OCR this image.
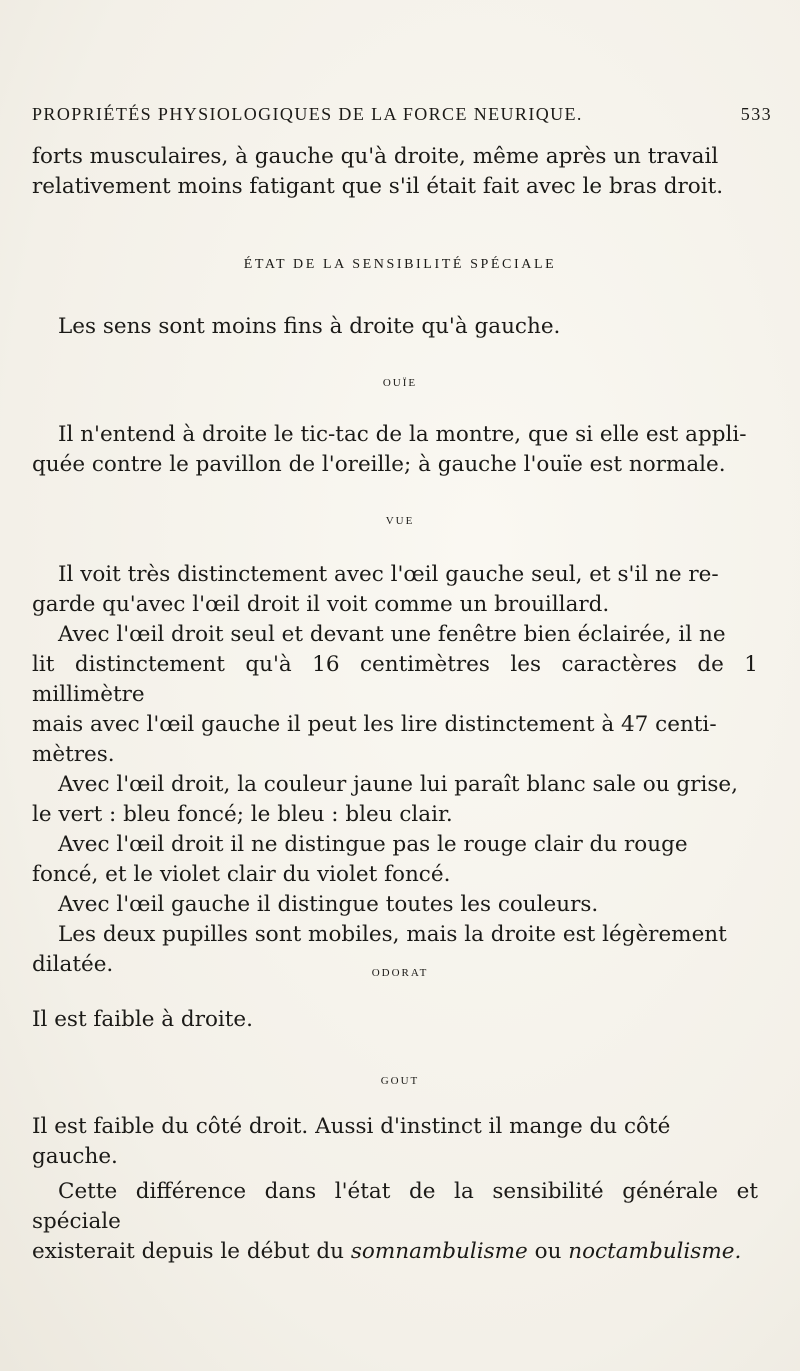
PROPRIÉTÉS PHYSIOLOGIQUES DE LA FORCE NEURIQUE.	533

forts musculaires, à gauche qu'à droite, même après un travail

relativement moins fatigant que s'il était fait avec le bras droit.

ÉTAT DE LA SENSIBILITÉ SPÉCIALE

Les sens sont moins fins à droite qu'à gauche.

OUÏE

Il n'entend à droite le tic-tac de la montre, que si elle est appli-

quée contre le pavillon de l'oreille; à gauche l'ouïe est normale.

VUE

Il voit très distinctement avec l'œil gauche seul, et s'il ne re-

garde qu'avec l'œil droit il voit comme un brouillard.

Avec l'œil droit seul et devant une fenêtre bien éclairée, il ne

lit distinctement qu'à 16 centimètres les caractères de 1 millimètre

mais avec l'œil gauche il peut les lire distinctement à 47 centi-

mètres.

Avec l'œil droit, la couleur jaune lui paraît blanc sale ou grise,

le vert : bleu foncé; le bleu : bleu clair.

Avec l'œil droit il ne distingue pas le rouge clair du rouge

foncé, et le violet clair du violet foncé.

Avec l'œil gauche il distingue toutes les couleurs.

Les deux pupilles sont mobiles, mais la droite est légèrement

dilatée.	ODORAT

Il est faible à droite.

GOUT

Il est faible du côté droit. Aussi d'instinct il mange du côté

gauche.

Cette différence dans l'état de la sensibilité générale et spéciale

existerait depuis le début du somnambulisme ou noctambulisme.
